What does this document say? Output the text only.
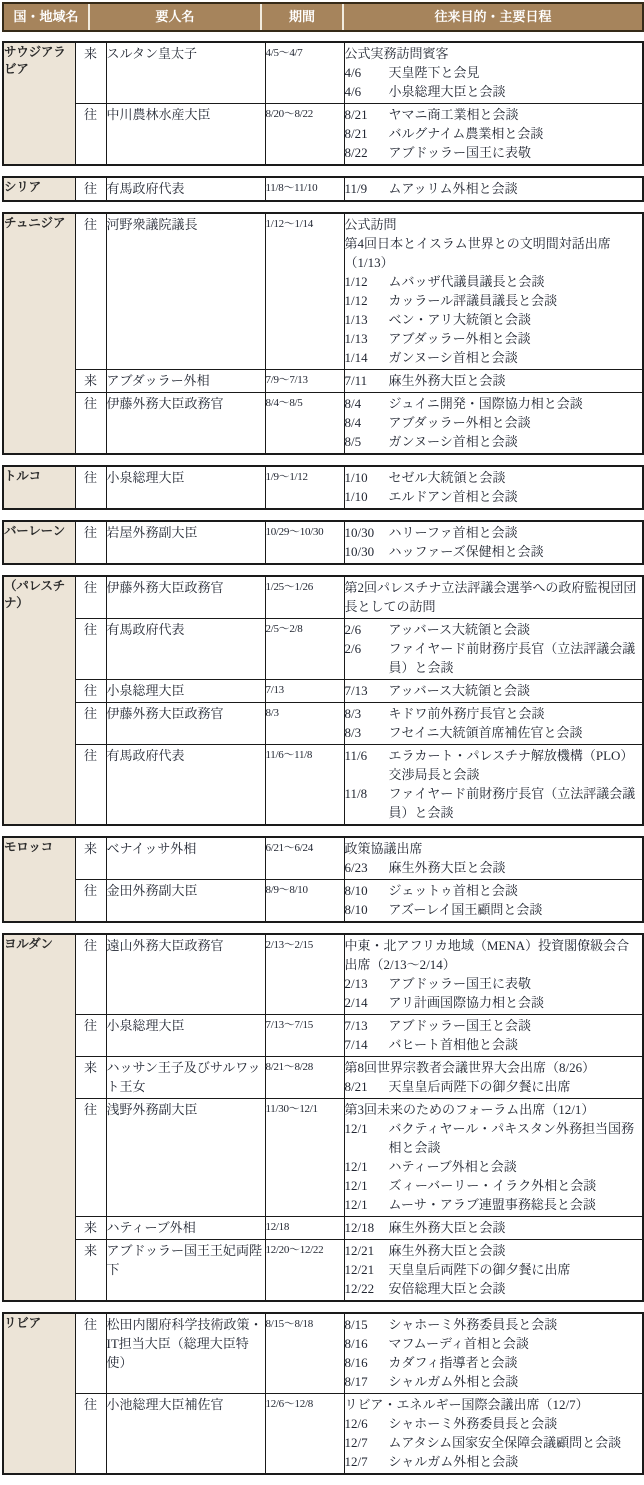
国・地域名	要人名	期間	往来目的・主要日程
サウジアラビア	来	スルタン皇太子	4/5～4/7	公式実務訪問賓客
4/6 天皇陛下と会見
4/6 小泉総理大臣と会談

	往	中川農林水産大臣	8/20～8/22	8/21 ヤマニ商工業相と会談
8/21 バルグナイム農業相と会談
8/22 アブドッラー国王に表敬
シリア	往	有馬政府代表	11/8～11/10	11/9 ムアッリム外相と会談
チュニジア	往	河野衆議院議長	1/12～1/14	公式訪問
第4回日本とイスラム世界との文明間対話出席（1/13）
1/12 ムバッザ代議員議長と会談
1/12 カッラール評議員議長と会談
1/13 ベン・アリ大統領と会談
1/13 アブダッラー外相と会談
1/14 ガンヌーシ首相と会談

	来	アブダッラー外相	7/9～7/13	7/11 麻生外務大臣と会談

	往	伊藤外務大臣政務官	8/4～8/5	8/4 ジュイニ開発・国際協力相と会談
8/4 アブダッラー外相と会談
8/5 ガンヌーシ首相と会談
トルコ	往	小泉総理大臣	1/9～1/12	1/10 セゼル大統領と会談
1/10 エルドアン首相と会談
バーレーン	往	岩屋外務副大臣	10/29～10/30	10/30 ハリーファ首相と会談
10/30 ハッファーズ保健相と会談
（パレスチナ）	往	伊藤外務大臣政務官	1/25～1/26	第2回パレスチナ立法評議会選挙への政府監視団団長としての訪問

	往	有馬政府代表	2/5～2/8	2/6 アッバース大統領と会談
2/6 ファイヤード前財務庁長官（立法評議会議員）と会談

	往	小泉総理大臣	7/13	7/13 アッバース大統領と会談

	往	伊藤外務大臣政務官	8/3	8/3 キドワ前外務庁長官と会談
8/3 フセイニ大統領首席補佐官と会談

	往	有馬政府代表	11/6～11/8	11/6 エラカート・パレスチナ解放機構（PLO）交渉局長と会談
11/8 ファイヤード前財務庁長官（立法評議会議員）と会談
モロッコ	来	ベナイッサ外相	6/21～6/24	政策協議出席
6/23 麻生外務大臣と会談

	往	金田外務副大臣	8/9～8/10	8/10 ジェットゥ首相と会談
8/10 アズーレイ国王顧問と会談
ヨルダン	往	遠山外務大臣政務官	2/13～2/15	中東・北アフリカ地域（MENA）投資閣僚級会合出席（2/13～2/14）
2/13 アブドッラー国王に表敬
2/14 アリ計画国際協力相と会談

	往	小泉総理大臣	7/13～7/15	7/13 アブドッラー国王と会談
7/14 バヒート首相他と会談

	来	ハッサン王子及びサルワット王女	8/21～8/28	第8回世界宗教者会議世界大会出席（8/26）
8/21 天皇皇后両陛下の御夕餐に出席

	往	浅野外務副大臣	11/30～12/1	第3回未来のためのフォーラム出席（12/1）
12/1 バクティヤール・パキスタン外務担当国務相と会談
12/1 ハティーブ外相と会談
12/1 ズィーバーリー・イラク外相と会談
12/1 ムーサ・アラブ連盟事務総長と会談

	来	ハティーブ外相	12/18	12/18 麻生外務大臣と会談

	来	アブドッラー国王王妃両陛下	12/20～12/22	12/21 麻生外務大臣と会談
12/21 天皇皇后両陛下の御夕餐に出席
12/22 安倍総理大臣と会談
リビア	往	松田内閣府科学技術政策・IT担当大臣（総理大臣特使）	8/15～8/18	8/15 シャホーミ外務委員長と会談
8/16 マフムーディ首相と会談
8/16 カダフィ指導者と会談
8/17 シャルガム外相と会談

	往	小池総理大臣補佐官	12/6～12/8	リビア・エネルギー国際会議出席（12/7）
12/6 シャホーミ外務委員長と会談
12/7 ムアタシム国家安全保障会議顧問と会談
12/7 シャルガム外相と会談
